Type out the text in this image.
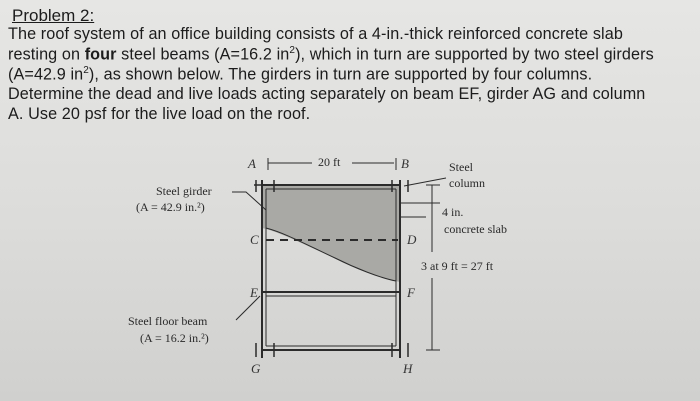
Problem 2:
The roof system of an office building consists of a 4-in.-thick reinforced concrete slab
resting on four steel beams (A=16.2 $in^2$), which in turn are supported by two steel girders
(A=42.9 $in^2$), as shown below. The girders in turn are supported by four columns.
Determine the dead and live loads acting separately on beam EF, girder AG and column
A. Use 20 psf for the live load on the roof.
A	20 ft	B	Steel
column
Steel girder
(A = 42.9 in.²)	4 in.
concrete slab
C	D
3 at 9 ft = 27 ft
E	F
Steel floor beam
(A = 16.2 in.²)
G	H
